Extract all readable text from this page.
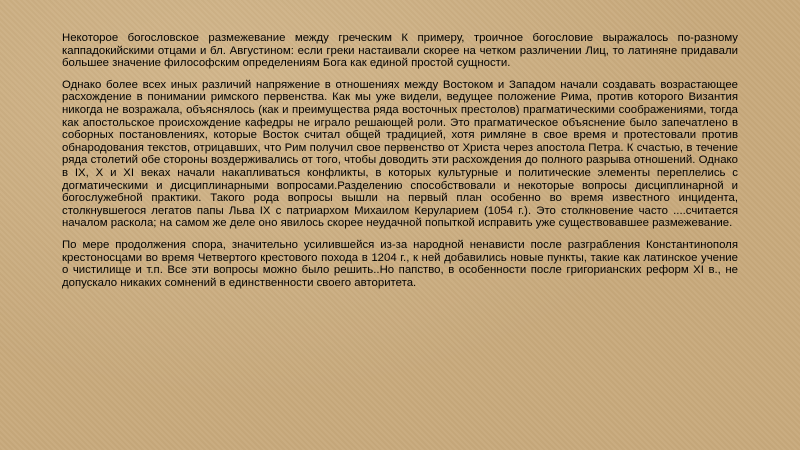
Некоторое богословское размежевание между греческим К примеру, троичное богословие выражалось по-разному каппадокийскими отцами и бл. Августином: если греки настаивали скорее на четком различении Лиц, то латиняне придавали большее значение философским определениям Бога как единой простой сущности.

Однако более всех иных различий напряжение в отношениях между Востоком и Западом начали создавать возрастающее расхождение в понимании римского первенства. Как мы уже видели, ведущее положение Рима, против которого Византия никогда не возражала, объяснялось (как и преимущества ряда восточных престолов) прагматическими соображениями, тогда как апостольское происхождение кафедры не играло решающей роли. Это прагматическое объяснение было запечатлено в соборных постановлениях, которые Восток считал общей традицией, хотя римляне в свое время и протестовали против обнародования текстов, отрицавших, что Рим получил свое первенство от Христа через апостола Петра. К счастью, в течение ряда столетий обе стороны воздерживались от того, чтобы доводить эти расхождения до полного разрыва отношений. Однако в IX, X и XI веках начали накапливаться конфликты, в которых культурные и политические элементы переплелись с догматическими и дисциплинарными вопросами.Разделению способствовали и некоторые вопросы дисциплинарной и богослужебной практики. Такого рода вопросы вышли на первый план особенно во время известного инцидента, столкнувшегося легатов папы Льва IX с патриархом Михаилом Керуларием (1054 г.). Это столкновение часто ....считается началом раскола; на самом же деле оно явилось скорее неудачной попыткой исправить уже существовавшее размежевание.

По мере продолжения спора, значительно усилившейся из-за народной ненависти после разграбления Константинополя крестоносцами во время Четвертого крестового похода в 1204 г., к ней добавились новые пункты, такие как латинское учение о чистилище и т.п. Все эти вопросы можно было решить..Но папство, в особенности после григорианских реформ XI в., не допускало никаких сомнений в единственности своего авторитета.
